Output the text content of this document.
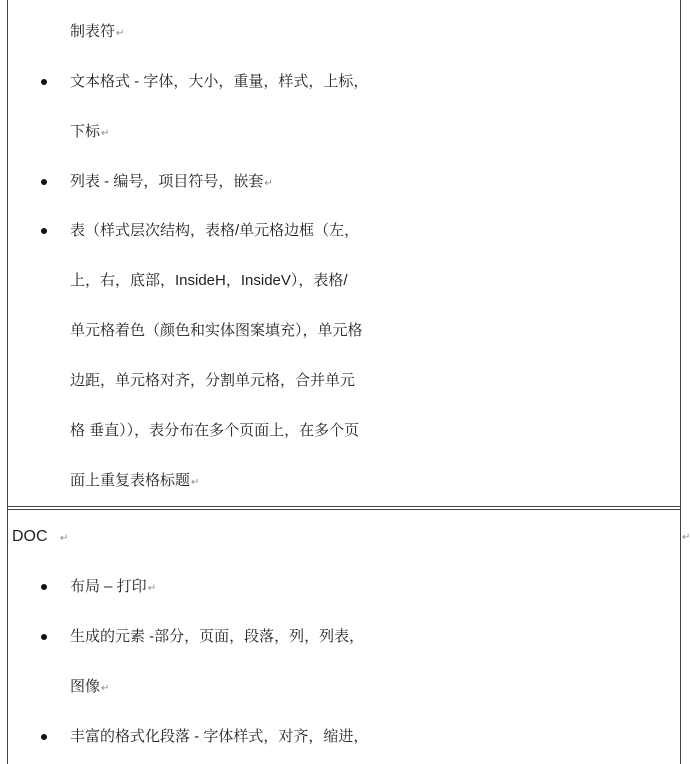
制表符↵
文本格式 - 字体，大小，重量，样式，上标，
下标↵
列表 - 编号，项目符号，嵌套↵
表（样式层次结构，表格/单元格边框（左，
上，右，底部，InsideH，InsideV），表格/
单元格着色（颜色和实体图案填充），单元格
边距，单元格对齐，分割单元格，合并单元
格 垂直）），表分布在多个页面上，在多个页
面上重复表格标题↵
DOC ↵	↵
布局 – 打印↵
生成的元素 -部分，页面，段落，列，列表，
图像↵
丰富的格式化段落 - 字体样式，对齐，缩进，
